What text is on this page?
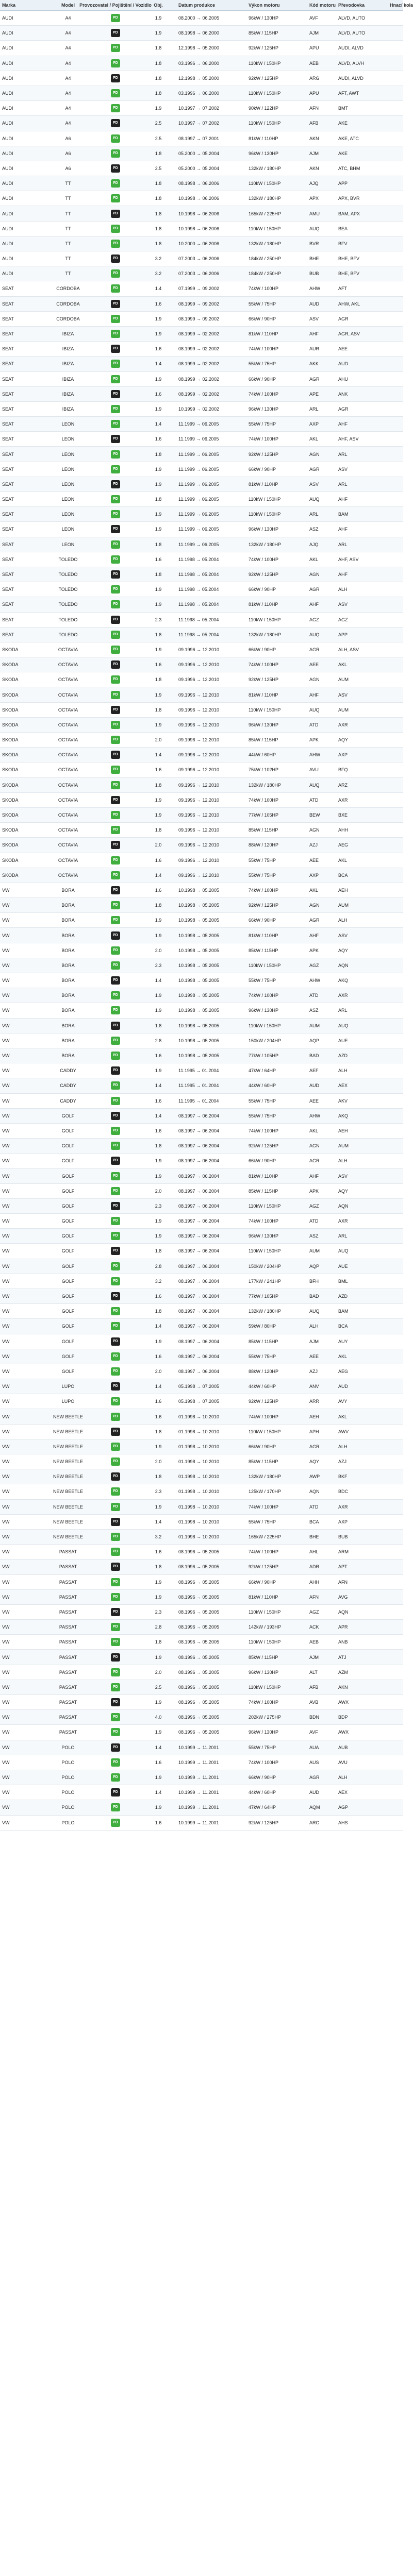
Marka	Model	Provozovatel / Pojištění / Vozidlo Obj.	Datum produkce	Výkon motoru	Kód motoru Převodovka	Hnací kola
AUDI	A4	PD	1.9	08.2000 → 06.2005	96kW / 130HP	AVF	ALVD, AUTO
AUDI	A4	PD	1.9	08.1998 → 06.2000	85kW / 115HP	AJM	ALVD, AUTO
AUDI	A4	PD	1.8	12.1998 → 05.2000	92kW / 125HP	APU	AUDI, ALVD
AUDI	A4	PD	1.8	03.1996 → 06.2000	110kW / 150HP	AEB	ALVD, ALVH
AUDI	A4	PD	1.8	12.1998 → 05.2000	92kW / 125HP	ARG	AUDI, ALVD
AUDI	A4	PD	1.8	03.1996 → 06.2000	110kW / 150HP	APU	AFT, AWT
AUDI	A4	PD	1.9	10.1997 → 07.2002	90kW / 122HP	AFN	BMT
AUDI	A4	PD	2.5	10.1997 → 07.2002	110kW / 150HP	AFB	AKE
AUDI	A6	PD	2.5	08.1997 → 07.2001	81kW / 110HP	AKN	AKE, ATC
AUDI	A6	PD	1.8	05.2000 → 05.2004	96kW / 130HP	AJM	AKE
AUDI	A6	PD	2.5	05.2000 → 05.2004	132kW / 180HP	AKN	ATC, BHM
AUDI	TT	PD	1.8	08.1998 → 06.2006	110kW / 150HP	AJQ	APP
AUDI	TT	PD	1.8	10.1998 → 06.2006	132kW / 180HP	APX	APX, BVR
AUDI	TT	PD	1.8	10.1998 → 06.2006	165kW / 225HP	AMU	BAM, APX
AUDI	TT	PD	1.8	10.1998 → 06.2006	110kW / 150HP	AUQ	BEA
AUDI	TT	PD	1.8	10.2000 → 06.2006	132kW / 180HP	BVR	BFV
AUDI	TT	PD	3.2	07.2003 → 06.2006	184kW / 250HP	BHE	BHE, BFV
AUDI	TT	PD	3.2	07.2003 → 06.2006	184kW / 250HP	BUB	BHE, BFV
SEAT	CORDOBA	PD	1.4	07.1999 → 09.2002	74kW / 100HP	AHW	AFT
SEAT	CORDOBA	PD	1.6	08.1999 → 09.2002	55kW / 75HP	AUD	AHW, AKL
SEAT	CORDOBA	PD	1.9	08.1999 → 09.2002	66kW / 90HP	ASV	AGR
SEAT	IBIZA	PD	1.9	08.1999 → 02.2002	81kW / 110HP	AHF	AGR, ASV
SEAT	IBIZA	PD	1.6	08.1999 → 02.2002	74kW / 100HP	AUR	AEE
SEAT	IBIZA	PD	1.4	08.1999 → 02.2002	55kW / 75HP	AKK	AUD
SEAT	IBIZA	PD	1.9	08.1999 → 02.2002	66kW / 90HP	AGR	AHU
SEAT	IBIZA	PD	1.6	08.1999 → 02.2002	74kW / 100HP	APE	ANK
SEAT	IBIZA	PD	1.9	10.1999 → 02.2002	96kW / 130HP	ARL	AGR
SEAT	LEON	PD	1.4	11.1999 → 06.2005	55kW / 75HP	AXP	AHF
SEAT	LEON	PD	1.6	11.1999 → 06.2005	74kW / 100HP	AKL	AHF, ASV
SEAT	LEON	PD	1.8	11.1999 → 06.2005	92kW / 125HP	AGN	ARL
SEAT	LEON	PD	1.9	11.1999 → 06.2005	66kW / 90HP	AGR	ASV
SEAT	LEON	PD	1.9	11.1999 → 06.2005	81kW / 110HP	ASV	ARL
SEAT	LEON	PD	1.8	11.1999 → 06.2005	110kW / 150HP	AUQ	AHF
SEAT	LEON	PD	1.9	11.1999 → 06.2005	110kW / 150HP	ARL	BAM
SEAT	LEON	PD	1.9	11.1999 → 06.2005	96kW / 130HP	ASZ	AHF
SEAT	LEON	PD	1.8	11.1999 → 06.2005	132kW / 180HP	AJQ	ARL
SEAT	TOLEDO	PD	1.6	11.1998 → 05.2004	74kW / 100HP	AKL	AHF, ASV
SEAT	TOLEDO	PD	1.8	11.1998 → 05.2004	92kW / 125HP	AGN	AHF
SEAT	TOLEDO	PD	1.9	11.1998 → 05.2004	66kW / 90HP	AGR	ALH
SEAT	TOLEDO	PD	1.9	11.1998 → 05.2004	81kW / 110HP	AHF	ASV
SEAT	TOLEDO	PD	2.3	11.1998 → 05.2004	110kW / 150HP	AGZ	AGZ
SEAT	TOLEDO	PD	1.8	11.1998 → 05.2004	132kW / 180HP	AUQ	APP
SKODA	OCTAVIA	PD	1.9	09.1996 → 12.2010	66kW / 90HP	AGR	ALH, ASV
SKODA	OCTAVIA	PD	1.6	09.1996 → 12.2010	74kW / 100HP	AEE	AKL
SKODA	OCTAVIA	PD	1.8	09.1996 → 12.2010	92kW / 125HP	AGN	AUM
SKODA	OCTAVIA	PD	1.9	09.1996 → 12.2010	81kW / 110HP	AHF	ASV
SKODA	OCTAVIA	PD	1.8	09.1996 → 12.2010	110kW / 150HP	AUQ	AUM
SKODA	OCTAVIA	PD	1.9	09.1996 → 12.2010	96kW / 130HP	ATD	AXR
SKODA	OCTAVIA	PD	2.0	09.1996 → 12.2010	85kW / 115HP	APK	AQY
SKODA	OCTAVIA	PD	1.4	09.1996 → 12.2010	44kW / 60HP	AHW	AXP
SKODA	OCTAVIA	PD	1.6	09.1996 → 12.2010	75kW / 102HP	AVU	BFQ
SKODA	OCTAVIA	PD	1.8	09.1996 → 12.2010	132kW / 180HP	AUQ	ARZ
SKODA	OCTAVIA	PD	1.9	09.1996 → 12.2010	74kW / 100HP	ATD	AXR
SKODA	OCTAVIA	PD	1.9	09.1996 → 12.2010	77kW / 105HP	BEW	BXE
SKODA	OCTAVIA	PD	1.8	09.1996 → 12.2010	85kW / 115HP	AGN	AHH
SKODA	OCTAVIA	PD	2.0	09.1996 → 12.2010	88kW / 120HP	AZJ	AEG
SKODA	OCTAVIA	PD	1.6	09.1996 → 12.2010	55kW / 75HP	AEE	AKL
SKODA	OCTAVIA	PD	1.4	09.1996 → 12.2010	55kW / 75HP	AXP	BCA
VW	BORA	PD	1.6	10.1998 → 05.2005	74kW / 100HP	AKL	AEH
VW	BORA	PD	1.8	10.1998 → 05.2005	92kW / 125HP	AGN	AUM
VW	BORA	PD	1.9	10.1998 → 05.2005	66kW / 90HP	AGR	ALH
VW	BORA	PD	1.9	10.1998 → 05.2005	81kW / 110HP	AHF	ASV
VW	BORA	PD	2.0	10.1998 → 05.2005	85kW / 115HP	APK	AQY
VW	BORA	PD	2.3	10.1998 → 05.2005	110kW / 150HP	AGZ	AQN
VW	BORA	PD	1.4	10.1998 → 05.2005	55kW / 75HP	AHW	AKQ
VW	BORA	PD	1.9	10.1998 → 05.2005	74kW / 100HP	ATD	AXR
VW	BORA	PD	1.9	10.1998 → 05.2005	96kW / 130HP	ASZ	ARL
VW	BORA	PD	1.8	10.1998 → 05.2005	110kW / 150HP	AUM	AUQ
VW	BORA	PD	2.8	10.1998 → 05.2005	150kW / 204HP	AQP	AUE
VW	BORA	PD	1.6	10.1998 → 05.2005	77kW / 105HP	BAD	AZD
VW	CADDY	PD	1.9	11.1995 → 01.2004	47kW / 64HP	AEF	ALH
VW	CADDY	PD	1.4	11.1995 → 01.2004	44kW / 60HP	AUD	AEX
VW	CADDY	PD	1.6	11.1995 → 01.2004	55kW / 75HP	AEE	AKV
VW	GOLF	PD	1.4	08.1997 → 06.2004	55kW / 75HP	AHW	AKQ
VW	GOLF	PD	1.6	08.1997 → 06.2004	74kW / 100HP	AKL	AEH
VW	GOLF	PD	1.8	08.1997 → 06.2004	92kW / 125HP	AGN	AUM
VW	GOLF	PD	1.9	08.1997 → 06.2004	66kW / 90HP	AGR	ALH
VW	GOLF	PD	1.9	08.1997 → 06.2004	81kW / 110HP	AHF	ASV
VW	GOLF	PD	2.0	08.1997 → 06.2004	85kW / 115HP	APK	AQY
VW	GOLF	PD	2.3	08.1997 → 06.2004	110kW / 150HP	AGZ	AQN
VW	GOLF	PD	1.9	08.1997 → 06.2004	74kW / 100HP	ATD	AXR
VW	GOLF	PD	1.9	08.1997 → 06.2004	96kW / 130HP	ASZ	ARL
VW	GOLF	PD	1.8	08.1997 → 06.2004	110kW / 150HP	AUM	AUQ
VW	GOLF	PD	2.8	08.1997 → 06.2004	150kW / 204HP	AQP	AUE
VW	GOLF	PD	3.2	08.1997 → 06.2004	177kW / 241HP	BFH	BML
VW	GOLF	PD	1.6	08.1997 → 06.2004	77kW / 105HP	BAD	AZD
VW	GOLF	PD	1.8	08.1997 → 06.2004	132kW / 180HP	AUQ	BAM
VW	GOLF	PD	1.4	08.1997 → 06.2004	59kW / 80HP	ALH	BCA
VW	GOLF	PD	1.9	08.1997 → 06.2004	85kW / 115HP	AJM	AUY
VW	GOLF	PD	1.6	08.1997 → 06.2004	55kW / 75HP	AEE	AKL
VW	GOLF	PD	2.0	08.1997 → 06.2004	88kW / 120HP	AZJ	AEG
VW	LUPO	PD	1.4	05.1998 → 07.2005	44kW / 60HP	ANV	AUD
VW	LUPO	PD	1.6	05.1998 → 07.2005	92kW / 125HP	ARR	AVY
VW	NEW BEETLE	PD	1.6	01.1998 → 10.2010	74kW / 100HP	AEH	AKL
VW	NEW BEETLE	PD	1.8	01.1998 → 10.2010	110kW / 150HP	APH	AWV
VW	NEW BEETLE	PD	1.9	01.1998 → 10.2010	66kW / 90HP	AGR	ALH
VW	NEW BEETLE	PD	2.0	01.1998 → 10.2010	85kW / 115HP	AQY	AZJ
VW	NEW BEETLE	PD	1.8	01.1998 → 10.2010	132kW / 180HP	AWP	BKF
VW	NEW BEETLE	PD	2.3	01.1998 → 10.2010	125kW / 170HP	AQN	BDC
VW	NEW BEETLE	PD	1.9	01.1998 → 10.2010	74kW / 100HP	ATD	AXR
VW	NEW BEETLE	PD	1.4	01.1998 → 10.2010	55kW / 75HP	BCA	AXP
VW	NEW BEETLE	PD	3.2	01.1998 → 10.2010	165kW / 225HP	BHE	BUB
VW	PASSAT	PD	1.6	08.1996 → 05.2005	74kW / 100HP	AHL	ARM
VW	PASSAT	PD	1.8	08.1996 → 05.2005	92kW / 125HP	ADR	APT
VW	PASSAT	PD	1.9	08.1996 → 05.2005	66kW / 90HP	AHH	AFN
VW	PASSAT	PD	1.9	08.1996 → 05.2005	81kW / 110HP	AFN	AVG
VW	PASSAT	PD	2.3	08.1996 → 05.2005	110kW / 150HP	AGZ	AQN
VW	PASSAT	PD	2.8	08.1996 → 05.2005	142kW / 193HP	ACK	APR
VW	PASSAT	PD	1.8	08.1996 → 05.2005	110kW / 150HP	AEB	ANB
VW	PASSAT	PD	1.9	08.1996 → 05.2005	85kW / 115HP	AJM	ATJ
VW	PASSAT	PD	2.0	08.1996 → 05.2005	96kW / 130HP	ALT	AZM
VW	PASSAT	PD	2.5	08.1996 → 05.2005	110kW / 150HP	AFB	AKN
VW	PASSAT	PD	1.9	08.1996 → 05.2005	74kW / 100HP	AVB	AWX
VW	PASSAT	PD	4.0	08.1996 → 05.2005	202kW / 275HP	BDN	BDP
VW	PASSAT	PD	1.9	08.1996 → 05.2005	96kW / 130HP	AVF	AWX
VW	POLO	PD	1.4	10.1999 → 11.2001	55kW / 75HP	AUA	AUB
VW	POLO	PD	1.6	10.1999 → 11.2001	74kW / 100HP	AUS	AVU
VW	POLO	PD	1.9	10.1999 → 11.2001	66kW / 90HP	AGR	ALH
VW	POLO	PD	1.4	10.1999 → 11.2001	44kW / 60HP	AUD	AEX
VW	POLO	PD	1.9	10.1999 → 11.2001	47kW / 64HP	AQM	AGP
VW	POLO	PD	1.6	10.1999 → 11.2001	92kW / 125HP	ARC	AHS
